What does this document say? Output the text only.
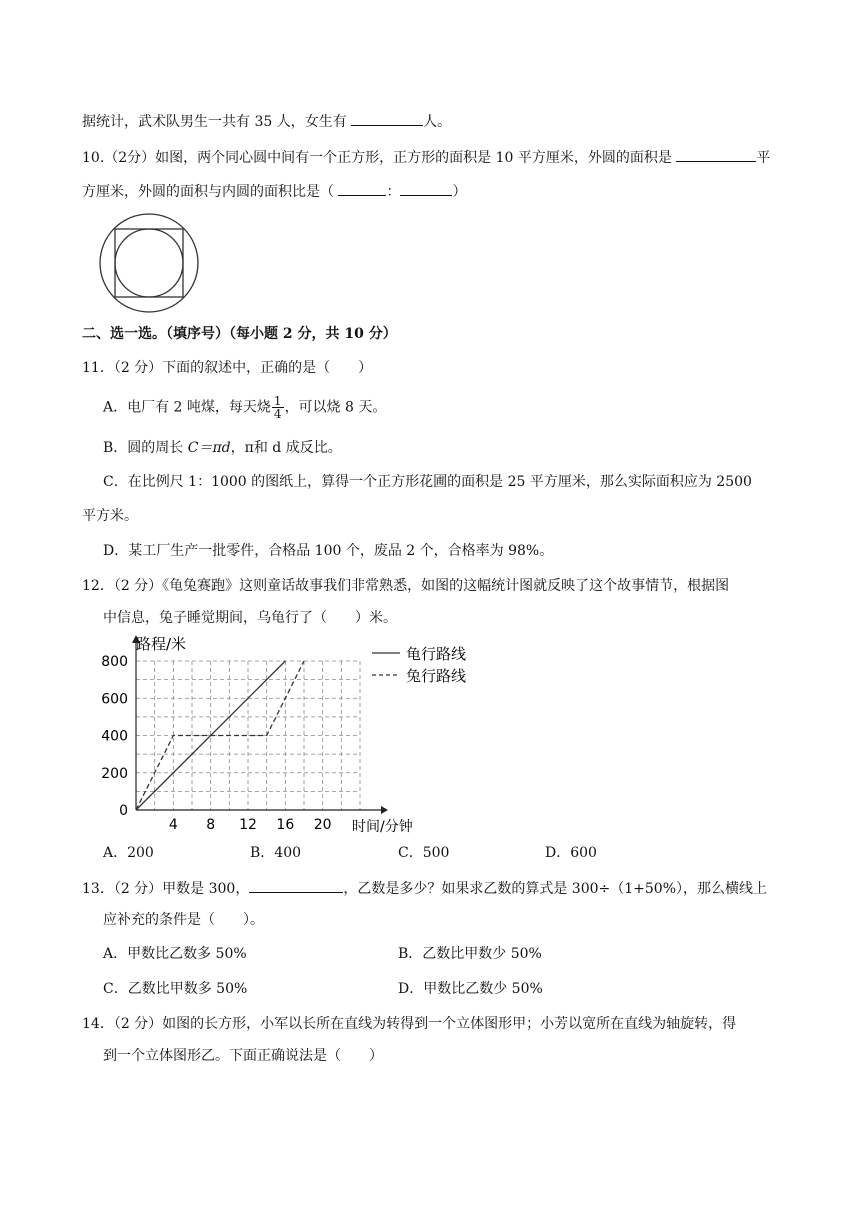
据统计，武术队男生一共有 35 人，女生有	人。
10.（2分）如图，两个同心圆中间有一个正方形，正方形的面积是 10 平方厘米，外圆的面积是	平
方厘米，外圆的面积与内圆的面积比是（	：	）
二、选一选。（填序号）（每小题 2 分，共 10 分）
11．（2 分）下面的叙述中，正确的是（　　）
A．电厂有 2 吨煤，每天烧 $\frac{1}{4}$ ，可以烧 8 天。
B．圆的周长 C＝πd，π和 d 成反比。
C．在比例尺 1：1000 的图纸上，算得一个正方形花圃的面积是 25 平方厘米，那么实际面积应为 2500
平方米。
D．某工厂生产一批零件，合格品 100 个，废品 2 个，合格率为 98%。
12．（2 分）《龟兔赛跑》这则童话故事我们非常熟悉，如图的这幅统计图就反映了这个故事情节，根据图
中信息，兔子睡觉期间，乌龟行了（　　）米。
0
200
400
600
800
4 8 12 16 20
路程/米
时间/分钟
龟行路线
兔行路线
A．200	B．400	C．500	D．600
13．（2 分）甲数是 300，	，乙数是多少？如果求乙数的算式是 300÷（1+50%），那么横线上
应补充的条件是（　　）。
A．甲数比乙数多 50%	B．乙数比甲数少 50%
C．乙数比甲数多 50%	D．甲数比乙数少 50%
14．（2 分）如图的长方形，小军以长所在直线为转得到一个立体图形甲；小芳以宽所在直线为轴旋转，得
到一个立体图形乙。下面正确说法是（　　）
